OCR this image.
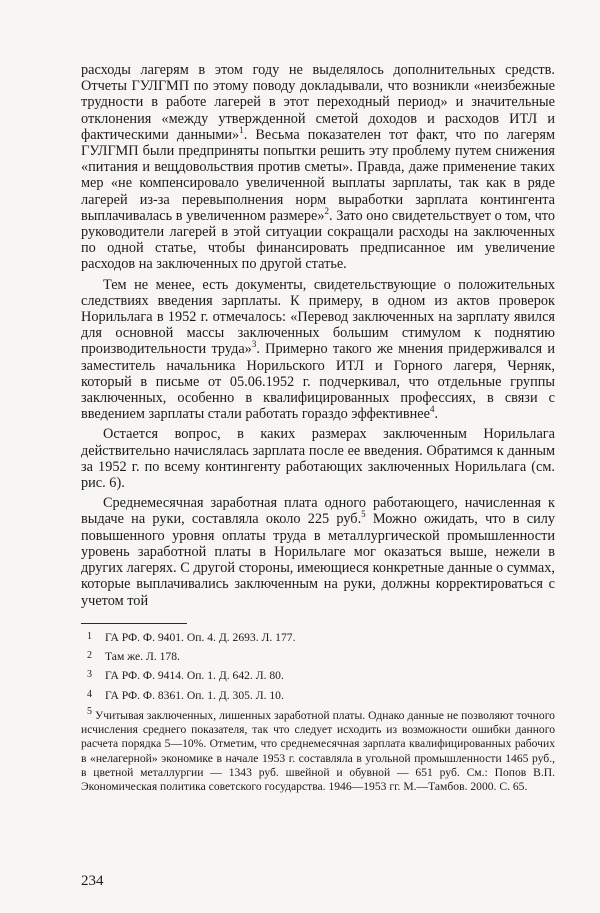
расходы лагерям в этом году не выделялось дополнительных средств. Отчеты ГУЛГМП по этому поводу докладывали, что возникли «неизбежные трудности в работе лагерей в этот переходный период» и значительные отклонения «между утвержденной сметой доходов и расходов ИТЛ и фактическими данными»$^1$. Весьма показателен тот факт, что по лагерям ГУЛГМП были предприняты попытки решить эту проблему путем снижения «питания и вещдовольствия против сметы». Правда, даже применение таких мер «не компенсировало увеличенной выплаты зарплаты, так как в ряде лагерей из-за перевыполнения норм выработки зарплата контингента выплачивалась в увеличенном размере»$^2$. Зато оно свидетельствует о том, что руководители лагерей в этой ситуации сокращали расходы на заключенных по одной статье, чтобы финансировать предписанное им увеличение расходов на заключенных по другой статье.

Тем не менее, есть документы, свидетельствующие о положительных следствиях введения зарплаты. К примеру, в одном из актов проверок Норильлага в 1952 г. отмечалось: «Перевод заключенных на зарплату явился для основной массы заключенных большим стимулом к поднятию производительности труда»$^3$. Примерно такого же мнения придерживался и заместитель начальника Норильского ИТЛ и Горного лагеря, Черняк, который в письме от 05.06.1952 г. подчеркивал, что отдельные группы заключенных, особенно в квалифицированных профессиях, в связи с введением зарплаты стали работать гораздо эффективнее$^4$.

Остается вопрос, в каких размерах заключенным Норильлага действительно начислялась зарплата после ее введения. Обратимся к данным за 1952 г. по всему контингенту работающих заключенных Норильлага (см. рис. 6).

Среднемесячная заработная плата одного работающего, начисленная к выдаче на руки, составляла около 225 руб.$^5$ Можно ожидать, что в силу повышенного уровня оплаты труда в металлургической промышленности уровень заработной платы в Норильлаге мог оказаться выше, нежели в других лагерях. С другой стороны, имеющиеся конкретные данные о суммах, которые выплачивались заключенным на руки, должны корректироваться с учетом той

1	ГА РФ. Ф. 9401. Оп. 4. Д. 2693. Л. 177.
2	Там же. Л. 178.
3	ГА РФ. Ф. 9414. Оп. 1. Д. 642. Л. 80.
4	ГА РФ. Ф. 8361. Оп. 1. Д. 305. Л. 10.
5 Учитывая заключенных, лишенных заработной платы. Однако данные не позволяют точного исчисления среднего показателя, так что следует исходить из возможности ошибки данного расчета порядка 5—10%. Отметим, что среднемесячная зарплата квалифицированных рабочих в «нелагерной» экономике в начале 1953 г. составляла в угольной промышленности 1465 руб., в цветной металлургии — 1343 руб. швейной и обувной — 651 руб. См.: Попов В.П. Экономическая политика советского государства. 1946—1953 гг. М.—Тамбов. 2000. С. 65.
234
